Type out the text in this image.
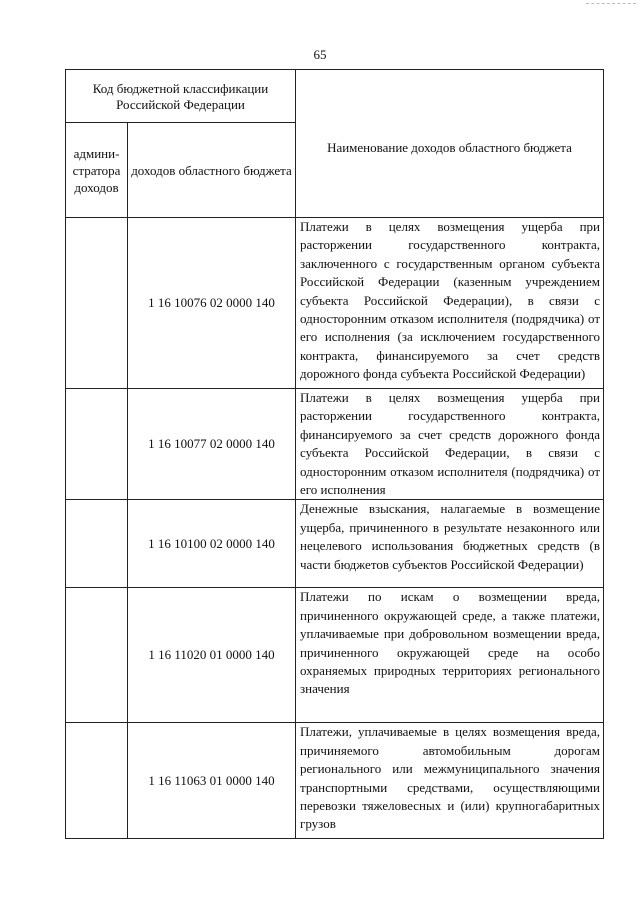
65
Код бюджетной классификации Российской Федерации		Наименование доходов областного бюджета
админи-стратора доходов	доходов областного бюджета	
	1 16 10076 02 0000 140	Платежи в целях возмещения ущерба при расторжении государственного контракта, заключенного с государственным органом субъекта Российской Федерации (казенным учреждением субъекта Российской Федерации), в связи с односторонним отказом исполнителя (подрядчика) от его исполнения (за исключением государственного контракта, финансируемого за счет средств дорожного фонда субъекта Российской Федерации)
	1 16 10077 02 0000 140	Платежи в целях возмещения ущерба при расторжении государственного контракта, финансируемого за счет средств дорожного фонда субъекта Российской Федерации, в связи с односторонним отказом исполнителя (подрядчика) от его исполнения
	1 16 10100 02 0000 140	Денежные взыскания, налагаемые в возмещение ущерба, причиненного в результате незаконного или нецелевого использования бюджетных средств (в части бюджетов субъектов Российской Федерации)
	1 16 11020 01 0000 140	Платежи по искам о возмещении вреда, причиненного окружающей среде, а также платежи, уплачиваемые при добровольном возмещении вреда, причиненного окружающей среде на особо охраняемых природных территориях регионального значения
	1 16 11063 01 0000 140	Платежи, уплачиваемые в целях возмещения вреда, причиняемого автомобильным дорогам регионального или межмуниципального значения транспортными средствами, осуществляющими перевозки тяжеловесных и (или) крупногабаритных грузов
